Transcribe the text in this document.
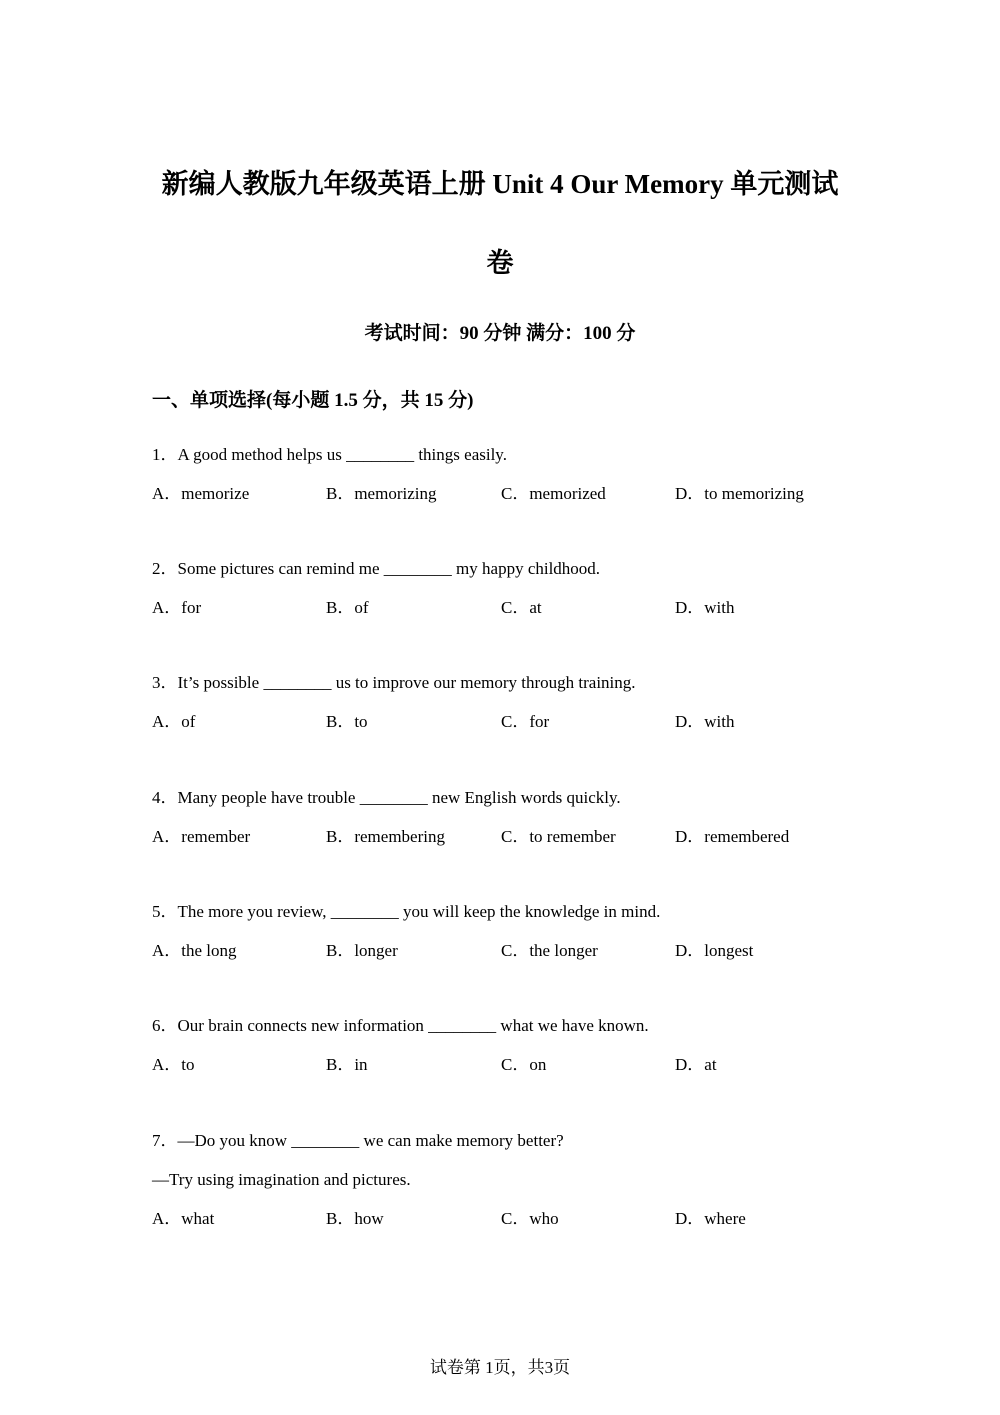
新编人教版九年级英语上册 Unit 4 Our Memory 单元测试
卷
考试时间：90 分钟 满分：100 分
一、单项选择(每小题 1.5 分，共 15 分)
1．A good method helps us ________ things easily.
A．memorize	B．memorizing	C．memorized	D．to memorizing
2．Some pictures can remind me ________ my happy childhood.
A．for	B．of	C．at	D．with
3．It’s possible ________ us to improve our memory through training.
A．of	B．to	C．for	D．with
4．Many people have trouble ________ new English words quickly.
A．remember	B．remembering	C．to remember	D．remembered
5．The more you review, ________ you will keep the knowledge in mind.
A．the long	B．longer	C．the longer	D．longest
6．Our brain connects new information ________ what we have known.
A．to	B．in	C．on	D．at
7．—Do you know ________ we can make memory better?
—Try using imagination and pictures.
A．what	B．how	C．who	D．where
试卷第 1页，共3页
